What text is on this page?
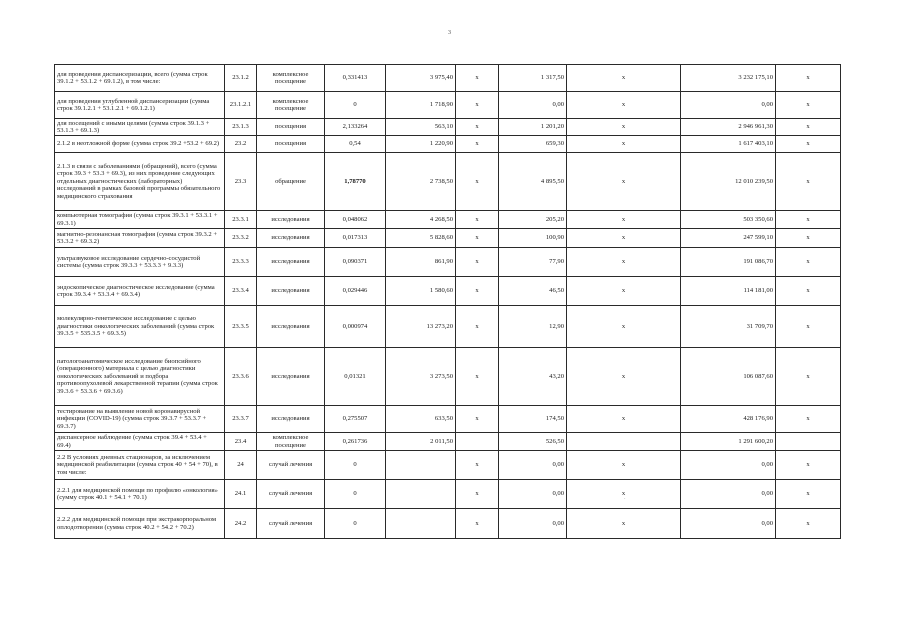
3
для проведения диспансеризации, всего (сумма строк 39.1.2 + 53.1.2 + 69.1.2), в том числе:	23.1.2	комплексное посещение	0,331413	3 975,40	х	1 317,50	х	3 232 175,10	х
для проведения углубленной диспансеризации (сумма строк 39.1.2.1 + 53.1.2.1 + 69.1.2.1)	23.1.2.1	комплексное посещение	0	1 718,90	х	0,00	х	0,00	х
для посещений с иными целями (сумма строк 39.1.3 + 53.1.3 + 69.1.3)	23.1.3	посещения	2,133264	563,10	х	1 201,20	х	2 946 961,30	х
2.1.2 в неотложной форме (сумма строк 39.2 +53.2 + 69.2)	23.2	посещения	0,54	1 220,90	х	659,30	х	1 617 403,10	х
2.1.3 в связи с заболеваниями (обращений), всего (сумма строк 39.3 + 53.3 + 69.3), из них проведение следующих отдельных диагностических (лабораторных) исследований в рамках базовой программы обязательного медицинского страхования	23.3	обращение	1,78770	2 738,50	х	4 895,50	х	12 010 239,50	х
компьютерная томография (сумма строк 39.3.1 + 53.3.1 + 69.3.1)	23.3.1	исследования	0,048062	4 268,50	х	205,20	х	503 350,60	х
магнитно-резонансная томография (сумма строк 39.3.2 + 53.3.2 + 69.3.2)	23.3.2	исследования	0,017313	5 828,60	х	100,90	х	247 599,10	х
ультразвуковое исследование сердечно-сосудистой системы (сумма строк 39.3.3 + 53.3.3 + 9.3.3)	23.3.3	исследования	0,090371	861,90	х	77,90	х	191 086,70	х
эндоскопическое диагностическое исследование (сумма строк 39.3.4 + 53.3.4 + 69.3.4)	23.3.4	исследования	0,029446	1 580,60	х	46,50	х	114 181,00	х
молекулярно-генетическое исследование с целью диагностики онкологических заболеваний (сумма строк 39.3.5 + 535.3.5 + 69.3.5)	23.3.5	исследования	0,000974	13 273,20	х	12,90	х	31 709,70	х
патологоанатомическое исследование биопсийного (операционного) материала с целью диагностики онкологических заболеваний и подбора противоопухолевой лекарственной терапии (сумма строк 39.3.6 + 53.3.6 + 69.3.6)	23.3.6	исследования	0,01321	3 273,50	х	43,20	х	106 087,60	х
тестирование на выявление новой коронавирусной инфекции (COVID-19) (сумма строк 39.3.7 + 53.3.7 + 69.3.7)	23.3.7	исследования	0,275507	633,50	х	174,50	х	428 176,90	х
диспансерное наблюдение (сумма строк 39.4 + 53.4 + 69.4)	23.4	комплексное посещение	0,261736	2 011,50		526,50		1 291 600,20	
2.2 В условиях дневных стационаров, за исключением медицинской реабилитации (сумма строк 40 + 54 + 70), в том числе:	24	случай лечения	0		х	0,00	х	0,00	х
2.2.1 для медицинской помощи по профилю «онкология» (сумму строк 40.1 + 54.1 + 70.1)	24.1	случай лечения	0		х	0,00	х	0,00	х
2.2.2 для медицинской помощи при экстракорпоральном оплодотворении (сумма строк 40.2 + 54.2 + 70.2)	24.2	случай лечения	0		х	0,00	х	0,00	х
·
